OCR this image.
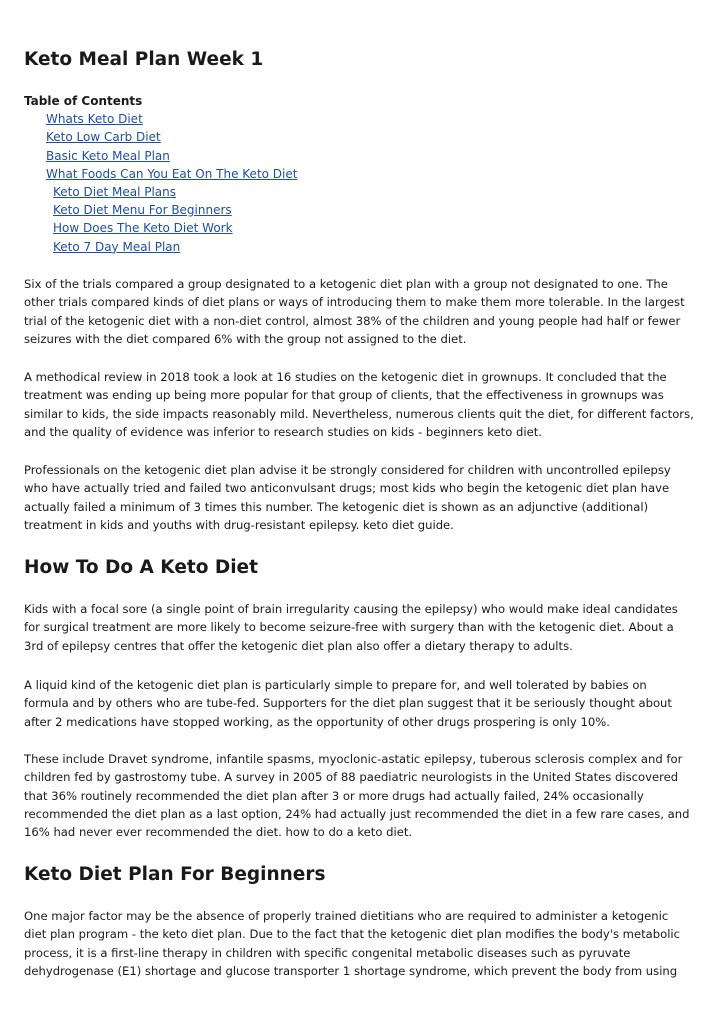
Keto Meal Plan Week 1
Table of Contents
Whats Keto Diet
Keto Low Carb Diet
Basic Keto Meal Plan
What Foods Can You Eat On The Keto Diet
Keto Diet Meal Plans
Keto Diet Menu For Beginners
How Does The Keto Diet Work
Keto 7 Day Meal Plan

Six of the trials compared a group designated to a ketogenic diet plan with a group not designated to one. The other trials compared kinds of diet plans or ways of introducing them to make them more tolerable. In the largest trial of the ketogenic diet with a non-diet control, almost 38% of the children and young people had half or fewer seizures with the diet compared 6% with the group not assigned to the diet.

A methodical review in 2018 took a look at 16 studies on the ketogenic diet in grownups. It concluded that the treatment was ending up being more popular for that group of clients, that the effectiveness in grownups was similar to kids, the side impacts reasonably mild. Nevertheless, numerous clients quit the diet, for different factors, and the quality of evidence was inferior to research studies on kids - beginners keto diet.

Professionals on the ketogenic diet plan advise it be strongly considered for children with uncontrolled epilepsy who have actually tried and failed two anticonvulsant drugs; most kids who begin the ketogenic diet plan have actually failed a minimum of 3 times this number. The ketogenic diet is shown as an adjunctive (additional) treatment in kids and youths with drug-resistant epilepsy. keto diet guide.

How To Do A Keto Diet

Kids with a focal sore (a single point of brain irregularity causing the epilepsy) who would make ideal candidates for surgical treatment are more likely to become seizure-free with surgery than with the ketogenic diet. About a 3rd of epilepsy centres that offer the ketogenic diet plan also offer a dietary therapy to adults.

A liquid kind of the ketogenic diet plan is particularly simple to prepare for, and well tolerated by babies on formula and by others who are tube-fed. Supporters for the diet plan suggest that it be seriously thought about after 2 medications have stopped working, as the opportunity of other drugs prospering is only 10%.

These include Dravet syndrome, infantile spasms, myoclonic-astatic epilepsy, tuberous sclerosis complex and for children fed by gastrostomy tube. A survey in 2005 of 88 paediatric neurologists in the United States discovered that 36% routinely recommended the diet plan after 3 or more drugs had actually failed, 24% occasionally recommended the diet plan as a last option, 24% had actually just recommended the diet in a few rare cases, and 16% had never ever recommended the diet. how to do a keto diet.

Keto Diet Plan For Beginners

One major factor may be the absence of properly trained dietitians who are required to administer a ketogenic diet plan program - the keto diet plan. Due to the fact that the ketogenic diet plan modifies the body's metabolic process, it is a first-line therapy in children with specific congenital metabolic diseases such as pyruvate dehydrogenase (E1) shortage and glucose transporter 1 shortage syndrome, which prevent the body from using
